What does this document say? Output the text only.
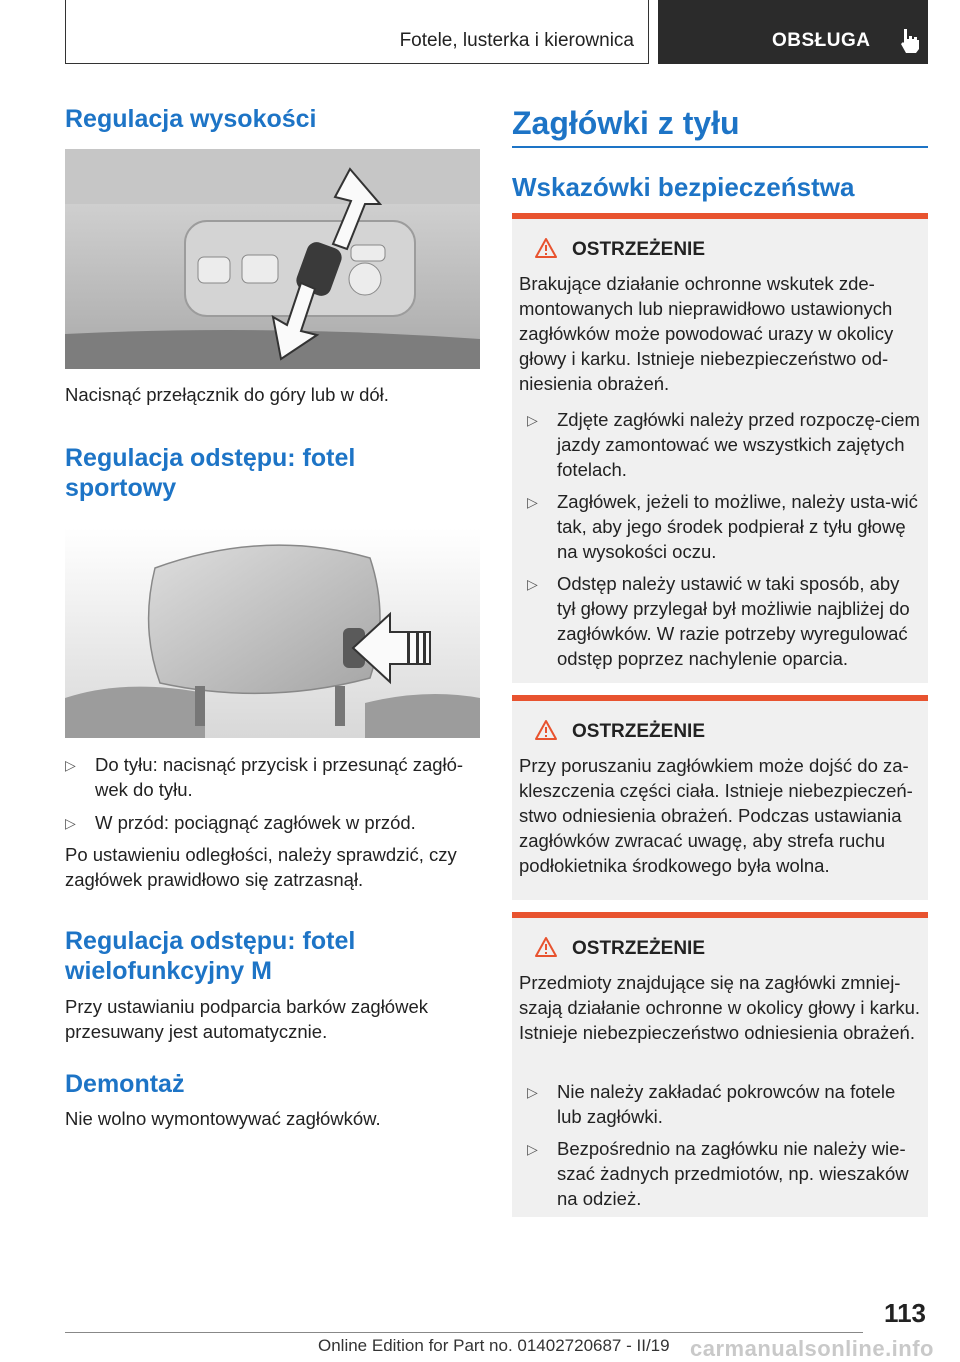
Fotele, lusterka i kierownica	OBSŁUGA
Regulacja wysokości

Nacisnąć przełącznik do góry lub w dół.

Regulacja odstępu: fotel
sportowy
▷	Do tyłu: nacisnąć przycisk i przesunąć zagłó-wek do tyłu.
▷	W przód: pociągnąć zagłówek w przód.

Po ustawieniu odległości, należy sprawdzić, czy zagłówek prawidłowo się zatrzasnął.

Regulacja odstępu: fotel
wielofunkcyjny M

Przy ustawianiu podparcia barków zagłówek przesuwany jest automatycznie.

Demontaż

Nie wolno wymontowywać zagłówków.

Zagłówki z tyłu
Wskazówki bezpieczeństwa
OSTRZEŻENIE
Brakujące działanie ochronne wskutek zde-montowanych lub nieprawidłowo ustawionych zagłówków może powodować urazy w okolicy głowy i karku. Istnieje niebezpieczeństwo od-niesienia obrażeń.
▷	Zdjęte zagłówki należy przed rozpoczę-ciem jazdy zamontować we wszystkich zajętych fotelach.
▷	Zagłówek, jeżeli to możliwe, należy usta-wić tak, aby jego środek podpierał z tyłu głowę na wysokości oczu.
▷	Odstęp należy ustawić w taki sposób, aby tył głowy przylegał był możliwie najbliżej do zagłówków. W razie potrzeby wyregulować odstęp poprzez nachylenie oparcia.
OSTRZEŻENIE
Przy poruszaniu zagłówkiem może dojść do za-kleszczenia części ciała. Istnieje niebezpieczeń-stwo odniesienia obrażeń. Podczas ustawiania zagłówków zwracać uwagę, aby strefa ruchu podłokietnika środkowego była wolna.
OSTRZEŻENIE
Przedmioty znajdujące się na zagłówki zmniej-szają działanie ochronne w okolicy głowy i karku. Istnieje niebezpieczeństwo odniesienia obrażeń.
▷	Nie należy zakładać pokrowców na fotele lub zagłówki.
▷	Bezpośrednio na zagłówku nie należy wie-szać żadnych przedmiotów, np. wieszaków na odzież.
113
Online Edition for Part no. 01402720687 - II/19 carmanualsonline.info
